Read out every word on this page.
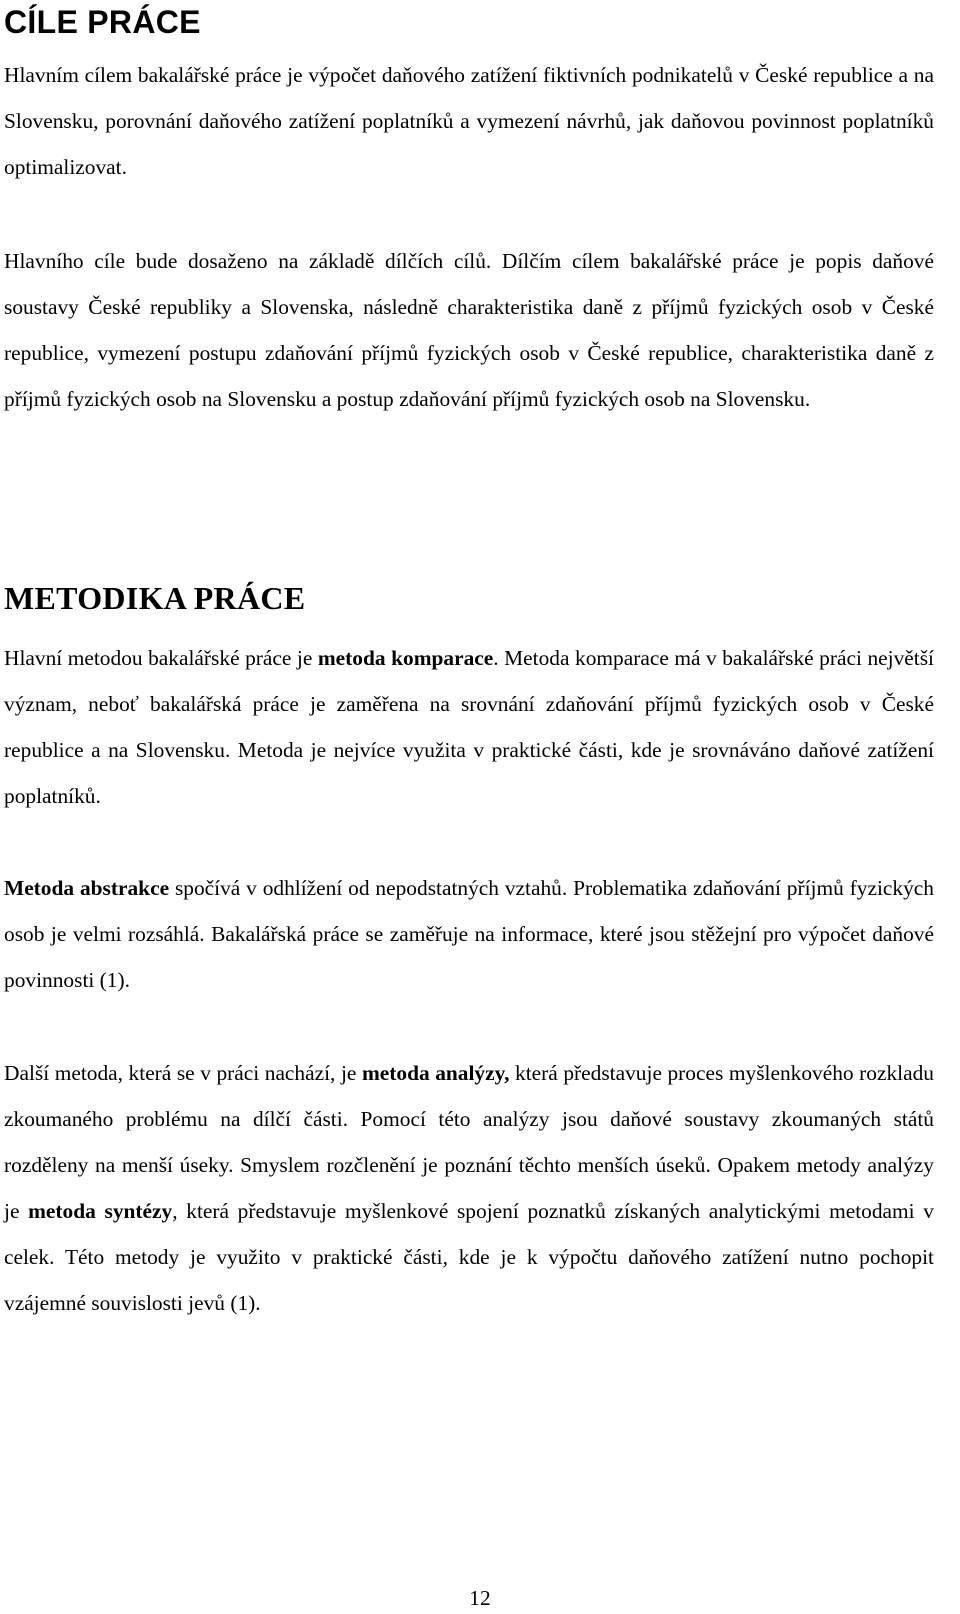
CÍLE PRÁCE

Hlavním cílem bakalářské práce je výpočet daňového zatížení fiktivních podnikatelů v České republice a na Slovensku, porovnání daňového zatížení poplatníků a vymezení návrhů, jak daňovou povinnost poplatníků optimalizovat.

Hlavního cíle bude dosaženo na základě dílčích cílů. Dílčím cílem bakalářské práce je popis daňové soustavy České republiky a Slovenska, následně charakteristika daně z příjmů fyzických osob v České republice, vymezení postupu zdaňování příjmů fyzických osob v České republice, charakteristika daně z příjmů fyzických osob na Slovensku a postup zdaňování příjmů fyzických osob na Slovensku.

METODIKA PRÁCE

Hlavní metodou bakalářské práce je metoda komparace. Metoda komparace má v bakalářské práci největší význam, neboť bakalářská práce je zaměřena na srovnání zdaňování příjmů fyzických osob v České republice a na Slovensku. Metoda je nejvíce využita v praktické části, kde je srovnáváno daňové zatížení poplatníků.

Metoda abstrakce spočívá v odhlížení od nepodstatných vztahů. Problematika zdaňování příjmů fyzických osob je velmi rozsáhlá. Bakalářská práce se zaměřuje na informace, které jsou stěžejní pro výpočet daňové povinnosti (1).

Další metoda, která se v práci nachází, je metoda analýzy, která představuje proces myšlenkového rozkladu zkoumaného problému na dílčí části. Pomocí této analýzy jsou daňové soustavy zkoumaných států rozděleny na menší úseky. Smyslem rozčlenění je poznání těchto menších úseků. Opakem metody analýzy je metoda syntézy, která představuje myšlenkové spojení poznatků získaných analytickými metodami v celek. Této metody je využito v praktické části, kde je k výpočtu daňového zatížení nutno pochopit vzájemné souvislosti jevů (1).

12
